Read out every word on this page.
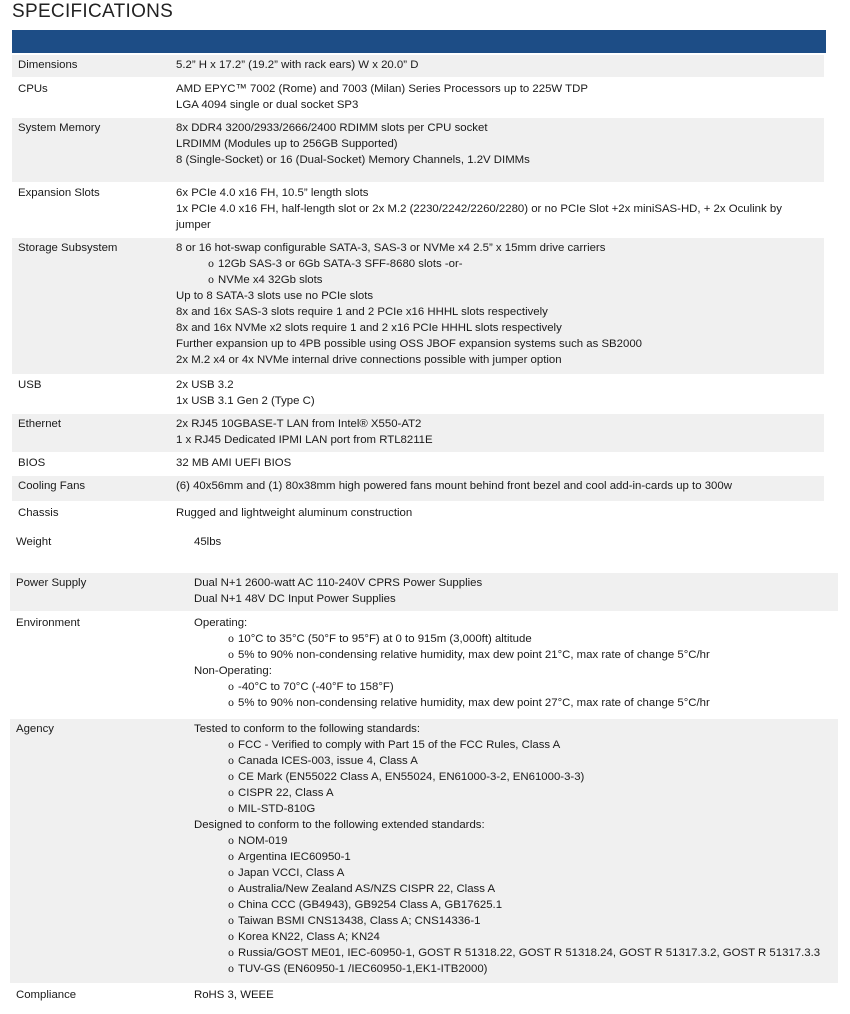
SPECIFICATIONS
Dimensions	5.2” H x 17.2” (19.2” with rack ears) W x 20.0” D
CPUs	AMD EPYC™ 7002 (Rome) and 7003 (Milan) Series Processors up to 225W TDP
LGA 4094 single or dual socket SP3
System Memory	8x DDR4 3200/2933/2666/2400 RDIMM slots per CPU socket
LRDIMM (Modules up to 256GB Supported)
8 (Single-Socket) or 16 (Dual-Socket) Memory Channels, 1.2V DIMMs
Expansion Slots	6x PCIe 4.0 x16 FH, 10.5” length slots
1x PCIe 4.0 x16 FH, half-length slot or 2x M.2 (2230/2242/2260/2280) or no PCIe Slot +2x miniSAS-HD, + 2x Oculink by
jumper
Storage Subsystem	8 or 16 hot-swap configurable SATA-3, SAS-3 or NVMe x4 2.5” x 15mm drive carriers
o 12Gb SAS-3 or 6Gb SATA-3 SFF-8680 slots -or-
o NVMe x4 32Gb slots
Up to 8 SATA-3 slots use no PCIe slots
8x and 16x SAS-3 slots require 1 and 2 PCIe x16 HHHL slots respectively
8x and 16x NVMe x2 slots require 1 and 2 x16 PCIe HHHL slots respectively
Further expansion up to 4PB possible using OSS JBOF expansion systems such as SB2000
2x M.2 x4 or 4x NVMe internal drive connections possible with jumper option
USB	2x USB 3.2
1x USB 3.1 Gen 2 (Type C)
Ethernet	2x RJ45 10GBASE-T LAN from Intel® X550-AT2
1 x RJ45 Dedicated IPMI LAN port from RTL8211E
BIOS	32 MB AMI UEFI BIOS
Cooling Fans	(6) 40x56mm and (1) 80x38mm high powered fans mount behind front bezel and cool add-in-cards up to 300w
Chassis	Rugged and lightweight aluminum construction
Weight	45lbs
Power Supply	Dual N+1 2600-watt AC 110-240V CPRS Power Supplies
Dual N+1 48V DC Input Power Supplies
Environment	Operating:
o 10°C to 35°C (50°F to 95°F) at 0 to 915m (3,000ft) altitude
o 5% to 90% non-condensing relative humidity, max dew point 21°C, max rate of change 5°C/hr
Non-Operating:
o -40°C to 70°C (-40°F to 158°F)
o 5% to 90% non-condensing relative humidity, max dew point 27°C, max rate of change 5°C/hr
Agency	Tested to conform to the following standards:
o FCC - Verified to comply with Part 15 of the FCC Rules, Class A
o Canada ICES-003, issue 4, Class A
o CE Mark (EN55022 Class A, EN55024, EN61000-3-2, EN61000-3-3)
o CISPR 22, Class A
o MIL-STD-810G
Designed to conform to the following extended standards:
o NOM-019
o Argentina IEC60950-1
o Japan VCCI, Class A
o Australia/New Zealand AS/NZS CISPR 22, Class A
o China CCC (GB4943), GB9254 Class A, GB17625.1
o Taiwan BSMI CNS13438, Class A; CNS14336-1
o Korea KN22, Class A; KN24
o Russia/GOST ME01, IEC-60950-1, GOST R 51318.22, GOST R 51318.24, GOST R 51317.3.2, GOST R 51317.3.3
o TUV-GS (EN60950-1 /IEC60950-1,EK1-ITB2000)
Compliance	RoHS 3, WEEE
